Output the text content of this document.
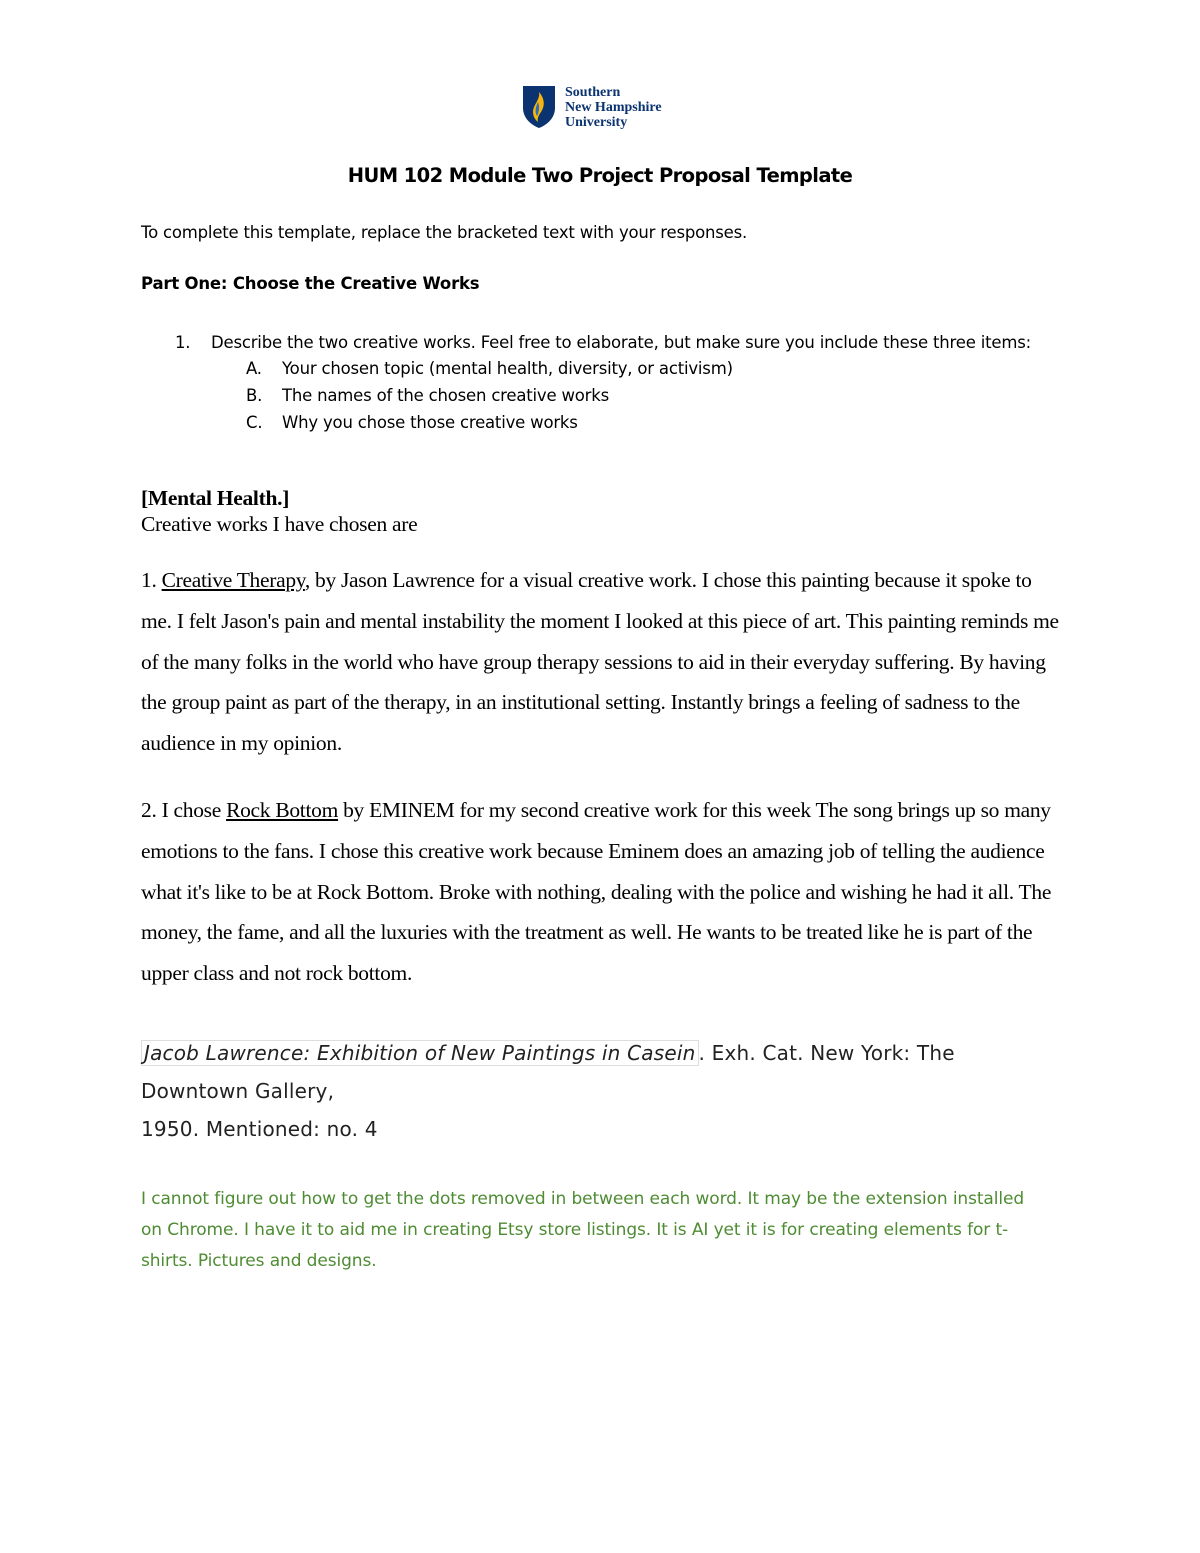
Southern
New Hampshire
University
HUM 102 Module Two Project Proposal Template
To complete this template, replace the bracketed text with your responses.
Part One: Choose the Creative Works
1. Describe the two creative works. Feel free to elaborate, but make sure you include these three items:
A. Your chosen topic (mental health, diversity, or activism)
B. The names of the chosen creative works
C. Why you chose those creative works
[Mental Health.]
Creative works I have chosen are
1. Creative Therapy, by Jason Lawrence for a visual creative work. I chose this painting because it spoke to me. I felt Jason's pain and mental instability the moment I looked at this piece of art. This painting reminds me of the many folks in the world who have group therapy sessions to aid in their everyday suffering. By having the group paint as part of the therapy, in an institutional setting. Instantly brings a feeling of sadness to the audience in my opinion.
2. I chose Rock Bottom by EMINEM for my second creative work for this week The song brings up so many emotions to the fans. I chose this creative work because Eminem does an amazing job of telling the audience what it's like to be at Rock Bottom. Broke with nothing, dealing with the police and wishing he had it all. The money, the fame, and all the luxuries with the treatment as well. He wants to be treated like he is part of the upper class and not rock bottom.
Jacob Lawrence: Exhibition of New Paintings in Casein . Exh. Cat. New York: The Downtown Gallery,
1950. Mentioned: no. 4
I cannot figure out how to get the dots removed in between each word. It may be the extension installed on Chrome. I have it to aid me in creating Etsy store listings. It is AI yet it is for creating elements for t-shirts. Pictures and designs.
